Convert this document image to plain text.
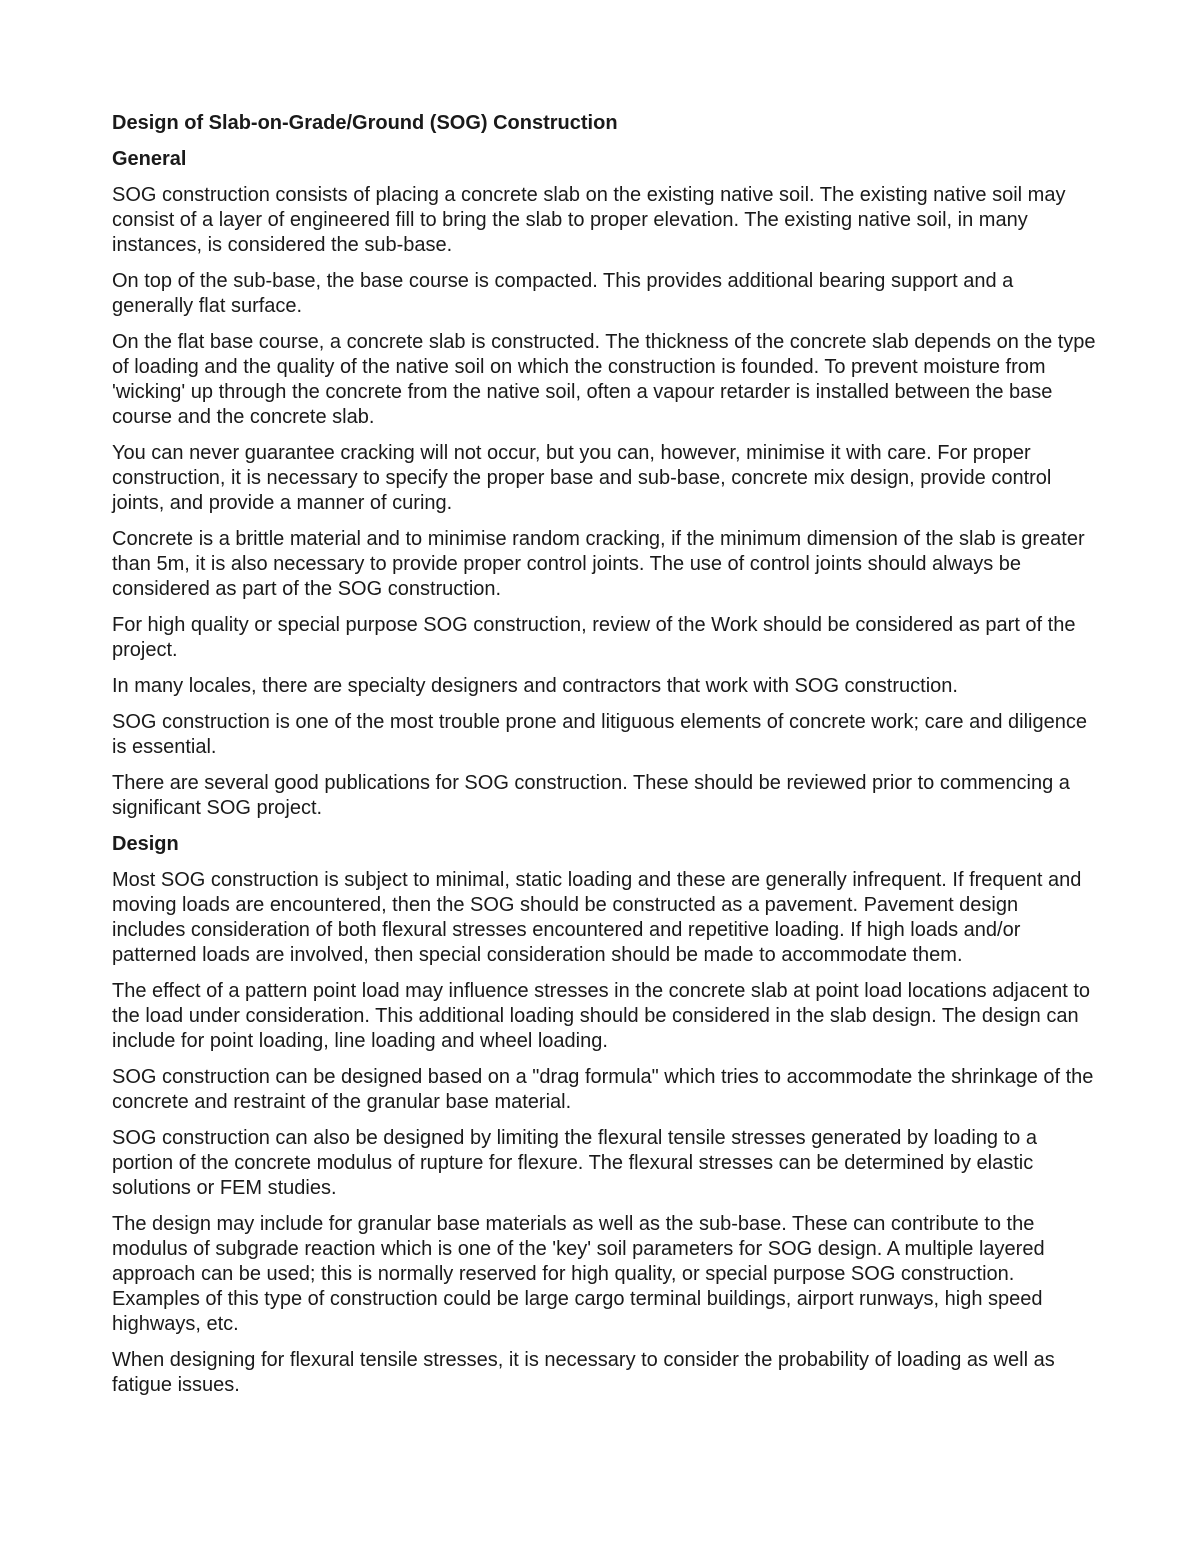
Design of Slab-on-Grade/Ground (SOG) Construction
General

SOG construction consists of placing a concrete slab on the existing native soil. The existing native soil may consist of a layer of engineered fill to bring the slab to proper elevation. The existing native soil, in many instances, is considered the sub-base.

On top of the sub-base, the base course is compacted. This provides additional bearing support and a generally flat surface.

On the flat base course, a concrete slab is constructed. The thickness of the concrete slab depends on the type of loading and the quality of the native soil on which the construction is founded. To prevent moisture from 'wicking' up through the concrete from the native soil, often a vapour retarder is installed between the base course and the concrete slab.

You can never guarantee cracking will not occur, but you can, however, minimise it with care. For proper construction, it is necessary to specify the proper base and sub-base, concrete mix design, provide control joints, and provide a manner of curing.

Concrete is a brittle material and to minimise random cracking, if the minimum dimension of the slab is greater than 5m, it is also necessary to provide proper control joints. The use of control joints should always be considered as part of the SOG construction.

For high quality or special purpose SOG construction, review of the Work should be considered as part of the project.

In many locales, there are specialty designers and contractors that work with SOG construction.

SOG construction is one of the most trouble prone and litiguous elements of concrete work; care and diligence is essential.

There are several good publications for SOG construction. These should be reviewed prior to commencing a significant SOG project.

Design

Most SOG construction is subject to minimal, static loading and these are generally infrequent. If frequent and moving loads are encountered, then the SOG should be constructed as a pavement. Pavement design includes consideration of both flexural stresses encountered and repetitive loading. If high loads and/or patterned loads are involved, then special consideration should be made to accommodate them.

The effect of a pattern point load may influence stresses in the concrete slab at point load locations adjacent to the load under consideration. This additional loading should be considered in the slab design. The design can include for point loading, line loading and wheel loading.

SOG construction can be designed based on a "drag formula" which tries to accommodate the shrinkage of the concrete and restraint of the granular base material.

SOG construction can also be designed by limiting the flexural tensile stresses generated by loading to a portion of the concrete modulus of rupture for flexure. The flexural stresses can be determined by elastic solutions or FEM studies.

The design may include for granular base materials as well as the sub-base. These can contribute to the modulus of subgrade reaction which is one of the 'key' soil parameters for SOG design. A multiple layered approach can be used; this is normally reserved for high quality, or special purpose SOG construction. Examples of this type of construction could be large cargo terminal buildings, airport runways, high speed highways, etc.

When designing for flexural tensile stresses, it is necessary to consider the probability of loading as well as fatigue issues.
